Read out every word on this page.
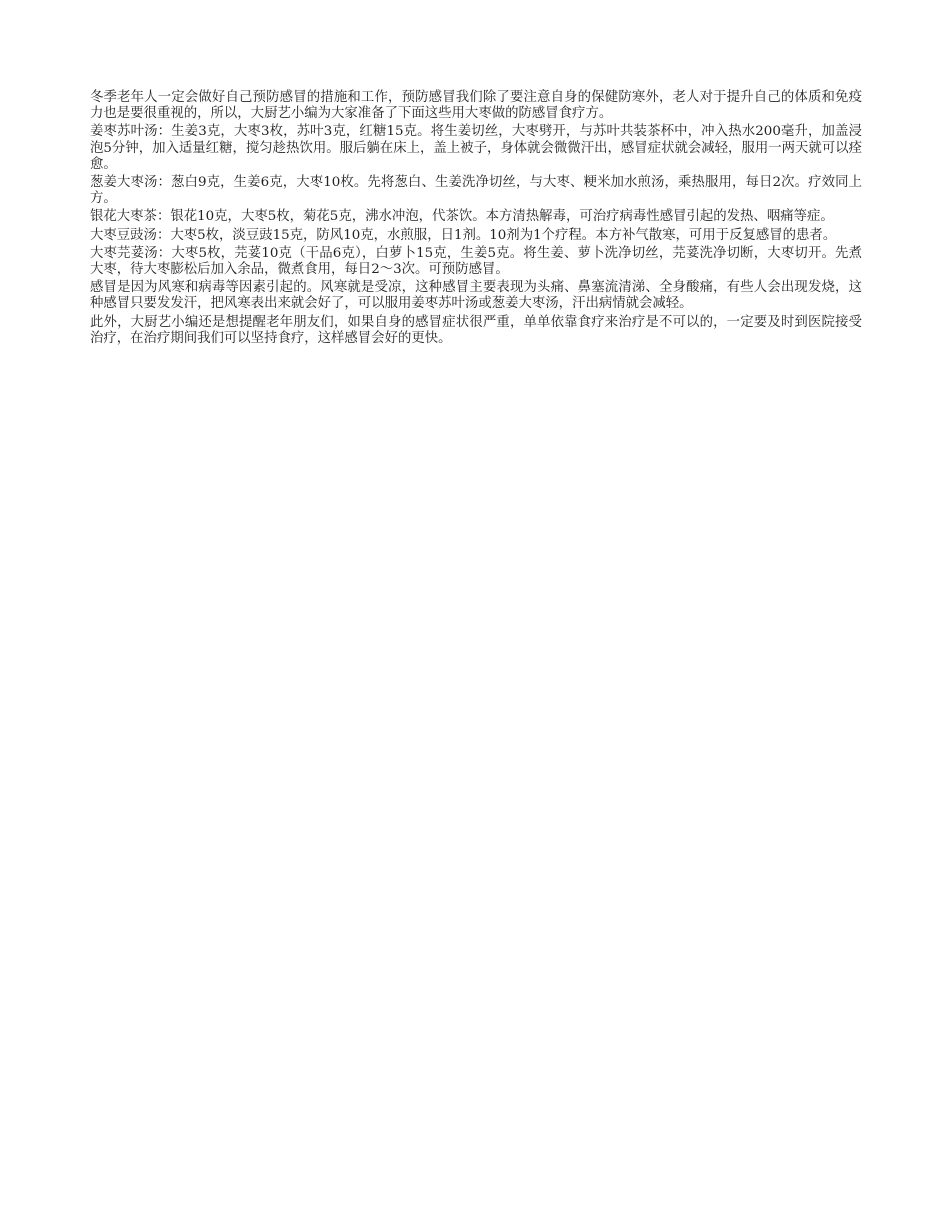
冬季老年人一定会做好自己预防感冒的措施和工作，预防感冒我们除了要注意自身的保健防寒外，老人对于提升自己的体质和免疫力也是要很重视的，所以，大厨艺小编为大家准备了下面这些用大枣做的防感冒食疗方。

姜枣苏叶汤：生姜3克，大枣3枚，苏叶3克，红糖15克。将生姜切丝，大枣劈开，与苏叶共装茶杯中，冲入热水200毫升，加盖浸泡5分钟，加入适量红糖，搅匀趁热饮用。服后躺在床上，盖上被子，身体就会微微汗出，感冒症状就会减轻，服用一两天就可以痊愈。

葱姜大枣汤：葱白9克，生姜6克，大枣10枚。先将葱白、生姜洗净切丝，与大枣、粳米加水煎汤，乘热服用，每日2次。疗效同上方。

银花大枣茶：银花10克，大枣5枚，菊花5克，沸水冲泡，代茶饮。本方清热解毒，可治疗病毒性感冒引起的发热、咽痛等症。

大枣豆豉汤：大枣5枚，淡豆豉15克，防风10克，水煎服，日1剂。10剂为1个疗程。本方补气散寒，可用于反复感冒的患者。

大枣芫荽汤：大枣5枚，芫荽10克（干品6克），白萝卜15克，生姜5克。将生姜、萝卜洗净切丝，芫荽洗净切断，大枣切开。先煮大枣，待大枣膨松后加入余品，微煮食用，每日2～3次。可预防感冒。

感冒是因为风寒和病毒等因素引起的。风寒就是受凉，这种感冒主要表现为头痛、鼻塞流清涕、全身酸痛，有些人会出现发烧，这种感冒只要发发汗，把风寒表出来就会好了，可以服用姜枣苏叶汤或葱姜大枣汤，汗出病情就会减轻。

此外，大厨艺小编还是想提醒老年朋友们，如果自身的感冒症状很严重，单单依靠食疗来治疗是不可以的，一定要及时到医院接受治疗，在治疗期间我们可以坚持食疗，这样感冒会好的更快。
